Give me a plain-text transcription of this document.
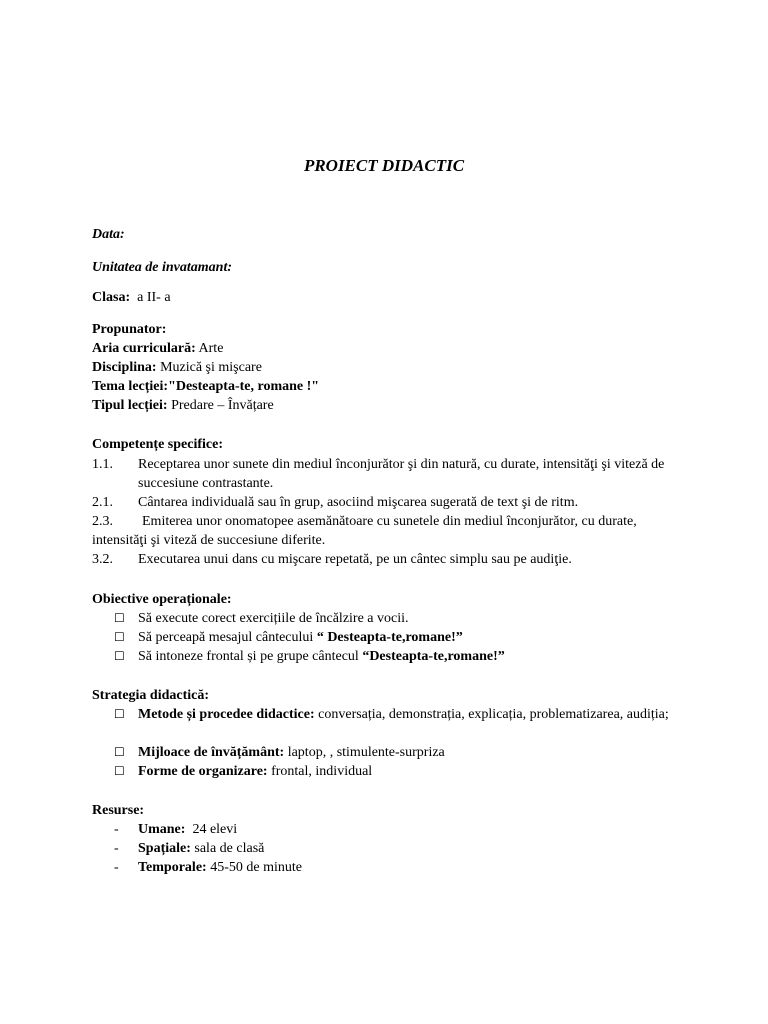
PROIECT DIDACTIC
Data:
Unitatea de invatamant:
Clasa: a II- a
Propunator:
Aria curriculară: Arte
Disciplina: Muzică şi mişcare
Tema lecției:"Desteapta-te, romane !"
Tipul lecției: Predare – Învățare
Competențe specifice:
1.1. Receptarea unor sunete din mediul înconjurător şi din natură, cu durate, intensităţi şi viteză de succesiune contrastante.
2.1. Cântarea individuală sau în grup, asociind mişcarea sugerată de text şi de ritm.
2.3. Emiterea unor onomatopee asemănătoare cu sunetele din mediul înconjurător, cu durate, intensităţi şi viteză de succesiune diferite.
3.2. Executarea unui dans cu mişcare repetată, pe un cântec simplu sau pe audiţie.
Obiective operaționale:
☐ Să execute corect exercițiile de încălzire a vocii.
☐ Să perceapă mesajul cântecului “ Desteapta-te,romane!”
☐ Să intoneze frontal și pe grupe cântecul “Desteapta-te,romane!”
Strategia didactică:
☐ Metode și procedee didactice: conversația, demonstrația, explicația, problematizarea, audiția;
☐ Mijloace de învățământ: laptop, , stimulente-surpriza
☐ Forme de organizare: frontal, individual
Resurse:
- Umane: 24 elevi
- Spațiale: sala de clasă
- Temporale: 45-50 de minute
